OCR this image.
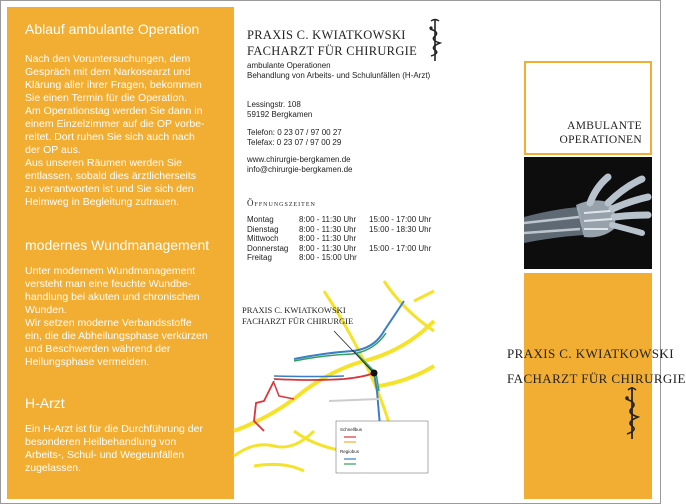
Ablauf ambulante Operation

Nach den Voruntersuchungen, dem
Gespräch mit dem Narkosearzt und
Klärung aller ihrer Fragen, bekommen
Sie einen Termin für die Operation.
Am Operationstag werden Sie dann in
einem Einzelzimmer auf die OP vorbe-
reitet. Dort ruhen Sie sich auch nach
der OP aus.
Aus unseren Räumen werden Sie
entlassen, sobald dies ärztlicherseits
zu verantworten ist und Sie sich den
Heimweg in Begleitung zutrauen.

modernes Wundmanagement

Unter modernem Wundmanagement
versteht man eine feuchte Wundbe-
handlung bei akuten und chronischen
Wunden.
Wir setzen moderne Verbandsstoffe
ein, die die Abheilungsphase verkürzen
und Beschwerden während der
Heilungsphase vermeiden.

H-Arzt

Ein H-Arzt ist für die Durchführung der
besonderen Heilbehandlung von
Arbeits-, Schul- und Wegeunfällen
zugelassen.

PRAXIS C. KWIATKOWSKI
FACHARZT FÜR CHIRURGIE
ambulante Operationen
Behandlung von Arbeits- und Schulunfällen (H-Arzt)
Lessingstr. 108
59192 Bergkamen
Telefon: 0 23 07 / 97 00 27
Telefax: 0 23 07 / 97 00 29
www.chirurgie-bergkamen.de
info@chirurgie-bergkamen.de
Öffnungszeiten
Montag	8:00 - 11:30 Uhr	15:00 - 17:00 Uhr
Dienstag	8:00 - 11:30 Uhr	15:00 - 18:30 Uhr
Mittwoch	8:00 - 11:30 Uhr	
Donnerstag	8:00 - 11:30 Uhr	15:00 - 17:00 Uhr
Freitag	8:00 - 15:00 Uhr	
PRAXIS C. KWIATKOWSKI
FACHARZT FÜR CHIRURGIE
Schnellbus
Regiobus
AMBULANTE
OPERATIONEN
PRAXIS C. KWIATKOWSKI
FACHARZT FÜR CHIRURGIE
